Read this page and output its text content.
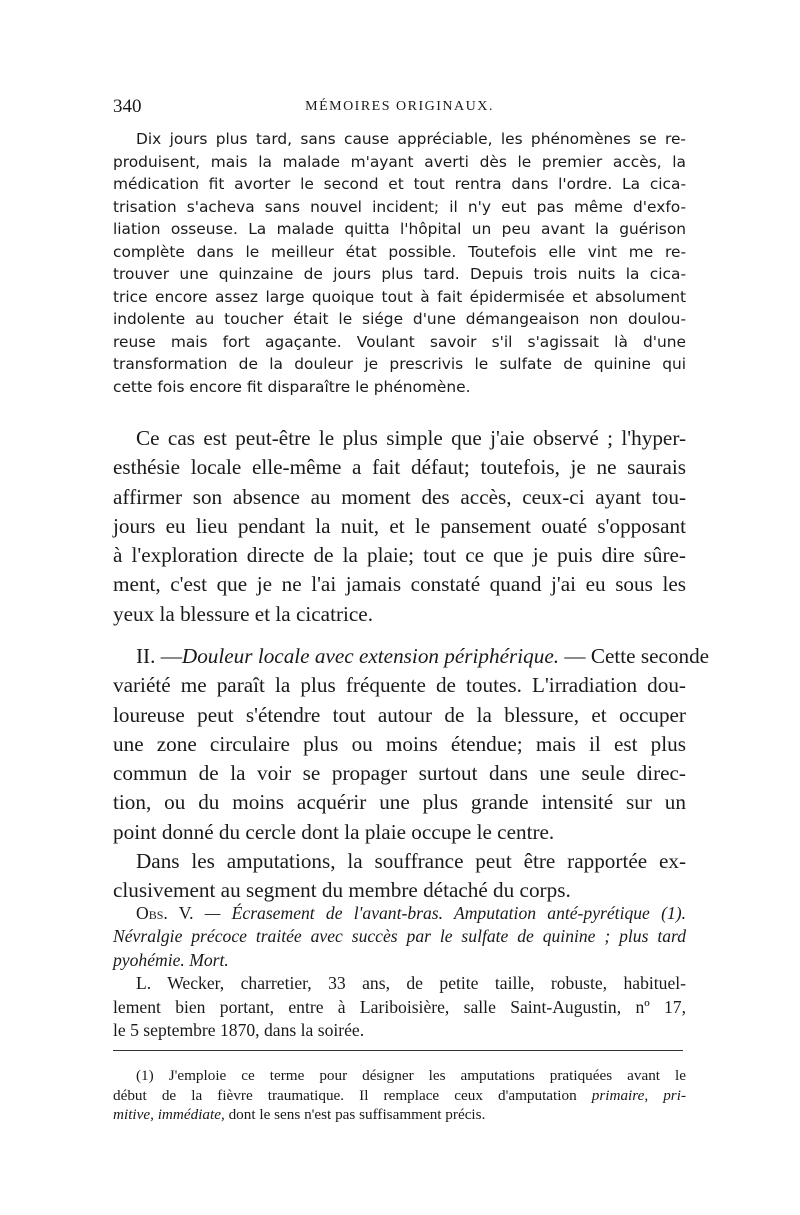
340	MÉMOIRES ORIGINAUX.
Dix jours plus tard, sans cause appréciable, les phénomènes se re-
produisent, mais la malade m'ayant averti dès le premier accès, la
médication fit avorter le second et tout rentra dans l'ordre. La cica-
trisation s'acheva sans nouvel incident; il n'y eut pas même d'exfo-
liation osseuse. La malade quitta l'hôpital un peu avant la guérison
complète dans le meilleur état possible. Toutefois elle vint me re-
trouver une quinzaine de jours plus tard. Depuis trois nuits la cica-
trice encore assez large quoique tout à fait épidermisée et absolument
indolente au toucher était le siége d'une démangeaison non doulou-
reuse mais fort agaçante. Voulant savoir s'il s'agissait là d'une
transformation de la douleur je prescrivis le sulfate de quinine qui
cette fois encore fit disparaître le phénomène.
Ce cas est peut-être le plus simple que j'aie observé ; l'hyper-
esthésie locale elle-même a fait défaut; toutefois, je ne saurais
affirmer son absence au moment des accès, ceux-ci ayant tou-
jours eu lieu pendant la nuit, et le pansement ouaté s'opposant
à l'exploration directe de la plaie; tout ce que je puis dire sûre-
ment, c'est que je ne l'ai jamais constaté quand j'ai eu sous les
yeux la blessure et la cicatrice.
II. —Douleur locale avec extension périphérique. — Cette seconde
variété me paraît la plus fréquente de toutes. L'irradiation dou-
loureuse peut s'étendre tout autour de la blessure, et occuper
une zone circulaire plus ou moins étendue; mais il est plus
commun de la voir se propager surtout dans une seule direc-
tion, ou du moins acquérir une plus grande intensité sur un
point donné du cercle dont la plaie occupe le centre.
Dans les amputations, la souffrance peut être rapportée ex-
clusivement au segment du membre détaché du corps.
Obs. V. — Écrasement de l'avant-bras. Amputation anté-pyrétique (1).
Névralgie précoce traitée avec succès par le sulfate de quinine ; plus tard
pyohémie. Mort.
L. Wecker, charretier, 33 ans, de petite taille, robuste, habituel-
lement bien portant, entre à Lariboisière, salle Saint-Augustin, nº 17,
le 5 septembre 1870, dans la soirée.
(1) J'emploie ce terme pour désigner les amputations pratiquées avant le
début de la fièvre traumatique. Il remplace ceux d'amputation primaire, pri-
mitive, immédiate, dont le sens n'est pas suffisamment précis.
